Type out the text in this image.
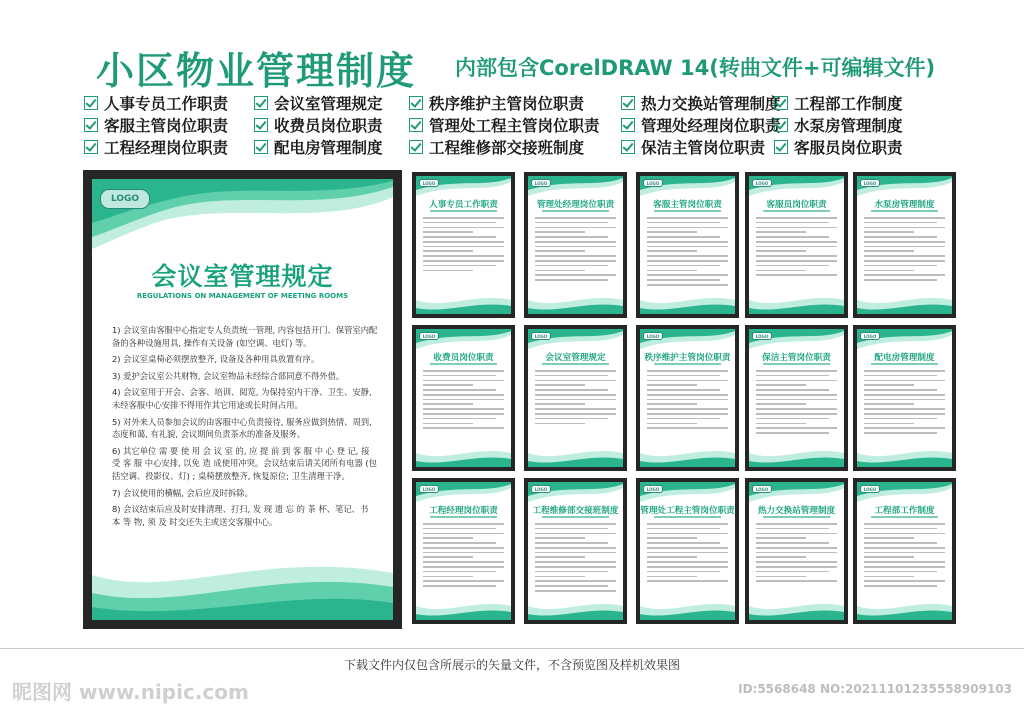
小区物业管理制度 内部包含CorelDRAW 14(转曲文件+可编辑文件)
人事专员工作职责	会议室管理规定	秩序维护主管岗位职责	热力交换站管理制度 工程部工作制度
客服主管岗位职责	收费员岗位职责	管理处工程主管岗位职责	管理处经理岗位职责 水泵房管理制度
工程经理岗位职责	配电房管理制度	工程维修部交接班制度	保洁主管岗位职责 客服员岗位职责
LOGO
会议室管理规定
REGULATIONS ON MANAGEMENT OF MEETING ROOMS

1) 会议室由客服中心指定专人负责统一管理, 内容包括开门、保管室内配备的各种设施用具, 操作有关设备 (如空调、电灯) 等。

2) 会议室桌椅必须摆放整齐, 设备及各种用具放置有序。

3) 爱护会议室公共财物, 会议室物品未经综合部同意不得外借。

4) 会议室用于开会、会客、培训、阅览, 为保持室内干净、卫生、安静, 未经客服中心安排不得用作其它用途或长时间占用。

5) 对外来人员参加会议的由客服中心负责接待, 服务应做到热情、周到, 态度和蔼, 有礼貌, 会议期间负责茶水的准备及服务。

6) 其它单位 需 要 使 用 会 议 室 的, 应 提 前 到 客 服 中 心 登 记, 接 受 客 服 中心安排, 以免 造 成使用冲突。会议结束后请关闭所有电器 (包括空调、投影仪、灯) ; 桌椅摆放整齐, 恢复原位; 卫生清理干净。

7) 会议使用的横幅, 会后应及时拆除。

8) 会议结束后应及时安排清理、打扫, 发 现 遗 忘 的 茶 杯、笔记、书 本 等 物, 须 及 时交还失主或送交客服中心。

LOGO
人事专员工作职责
LOGO
管理处经理岗位职责
LOGO
客服主管岗位职责
LOGO
客服员岗位职责
LOGO
水泵房管理制度
LOGO
收费员岗位职责
LOGO
会议室管理规定
LOGO
秩序维护主管岗位职责
LOGO
保洁主管岗位职责
LOGO
配电房管理制度
LOGO
工程经理岗位职责
LOGO
工程维修部交接班制度
LOGO
管理处工程主管岗位职责
LOGO
热力交换站管理制度
LOGO
工程部工作制度
下载文件内仅包含所展示的矢量文件，不含预览图及样机效果图
昵图网 www.nipic.com	ID:5568648 NO:20211101235558909103
